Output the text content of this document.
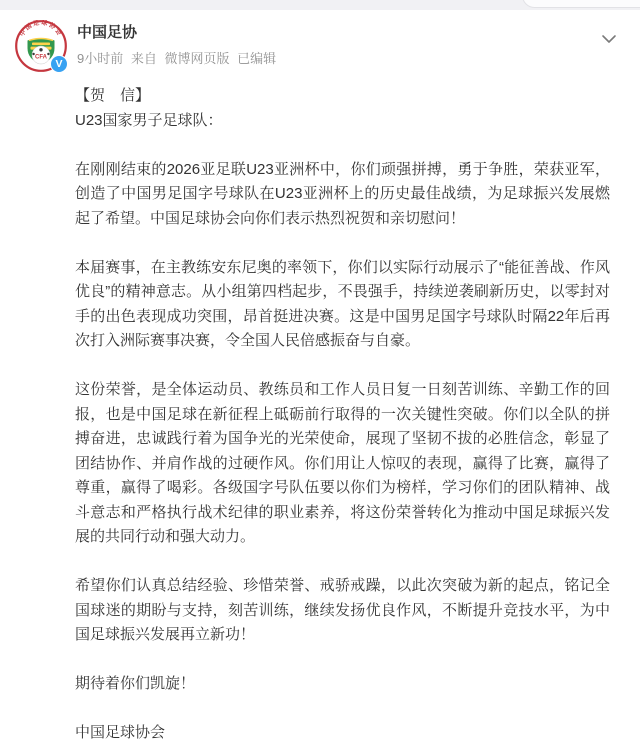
中国足球协会
CFA
V
中国足协
9小时前 来自 微博网页版 已编辑
【贺　信】
U23国家男子足球队：

在刚刚结束的2026亚足联U23亚洲杯中，你们顽强拼搏，勇于争胜，荣获亚军，创造了中国男足国字号球队在U23亚洲杯上的历史最佳战绩，为足球振兴发展燃起了希望。中国足球协会向你们表示热烈祝贺和亲切慰问！

本届赛事，在主教练安东尼奥的率领下，你们以实际行动展示了“能征善战、作风优良”的精神意志。从小组第四档起步，不畏强手，持续逆袭刷新历史，以零封对手的出色表现成功突围，昂首挺进决赛。这是中国男足国字号球队时隔22年后再次打入洲际赛事决赛，令全国人民倍感振奋与自豪。

这份荣誉，是全体运动员、教练员和工作人员日复一日刻苦训练、辛勤工作的回报，也是中国足球在新征程上砥砺前行取得的一次关键性突破。你们以全队的拼搏奋进，忠诚践行着为国争光的光荣使命，展现了坚韧不拔的必胜信念，彰显了团结协作、并肩作战的过硬作风。你们用让人惊叹的表现，赢得了比赛，赢得了尊重，赢得了喝彩。各级国字号队伍要以你们为榜样，学习你们的团队精神、战斗意志和严格执行战术纪律的职业素养，将这份荣誉转化为推动中国足球振兴发展的共同行动和强大动力。

希望你们认真总结经验、珍惜荣誉、戒骄戒躁，以此次突破为新的起点，铭记全国球迷的期盼与支持，刻苦训练，继续发扬优良作风，不断提升竞技水平，为中国足球振兴发展再立新功！

期待着你们凯旋！

中国足球协会
